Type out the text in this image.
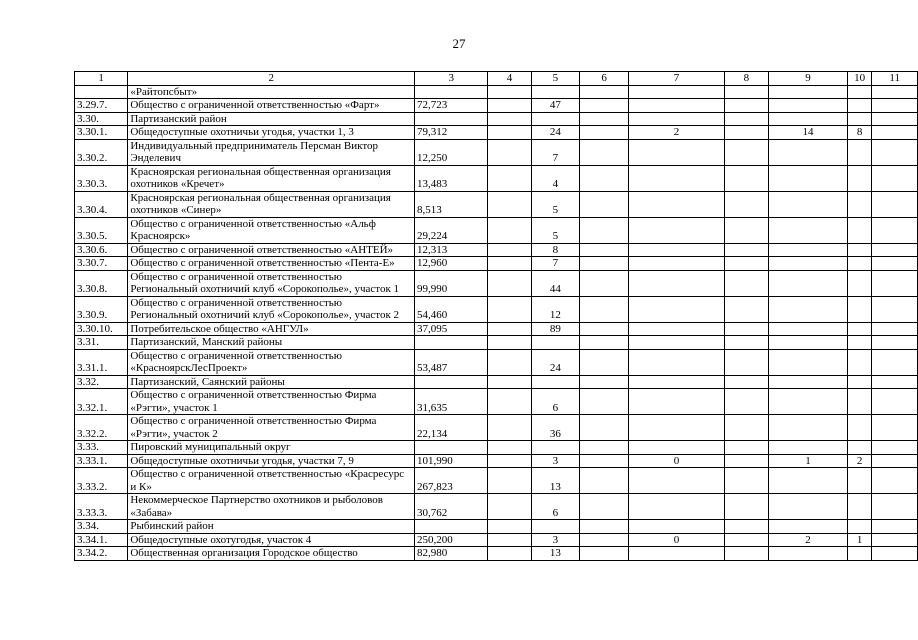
27
1	2	3	4	5	6	7	8	9	10	11
	«Райтопсбыт»									
3.29.7.	Общество с ограниченной ответственностью «Фарт»	72,723		47						
3.30.	Партизанский район									
3.30.1.	Общедоступные охотничьи угодья, участки 1, 3	79,312		24		2		14	8	
3.30.2.	Индивидуальный предприниматель Персман Виктор Энделевич	12,250		7						
3.30.3.	Красноярская региональная общественная организация охотников «Кречет»	13,483		4						
3.30.4.	Красноярская региональная общественная организация охотников «Синер»	8,513		5						
3.30.5.	Общество с ограниченной ответственностью «Альф Красноярск»	29,224		5						
3.30.6.	Общество с ограниченной ответственностью «АНТЕЙ»	12,313		8						
3.30.7.	Общество с ограниченной ответственностью «Пента-Е»	12,960		7						
3.30.8.	Общество с ограниченной ответственностью Региональный охотничий клуб «Сорокополье», участок 1	99,990		44						
3.30.9.	Общество с ограниченной ответственностью Региональный охотничий клуб «Сорокополье», участок 2	54,460		12						
3.30.10.	Потребительское общество «АНГУЛ»	37,095		89						
3.31.	Партизанский, Манский районы									
3.31.1.	Общество с ограниченной ответственностью «КрасноярскЛесПроект»	53,487		24						
3.32.	Партизанский, Саянский районы									
3.32.1.	Общество с ограниченной ответственностью Фирма «Рэгти», участок 1	31,635		6						
3.32.2.	Общество с ограниченной ответственностью Фирма «Рэгти», участок 2	22,134		36						
3.33.	Пировский муниципальный округ									
3.33.1.	Общедоступные охотничьи угодья, участки 7, 9	101,990		3		0		1	2	
3.33.2.	Общество с ограниченной ответственностью «Красресурс и К»	267,823		13						
3.33.3.	Некоммерческое Партнерство охотников и рыболовов «Забава»	30,762		6						
3.34.	Рыбинский район									
3.34.1.	Общедоступные охотугодья, участок 4	250,200		3		0		2	1	
3.34.2.	Общественная организация Городское общество	82,980		13						
